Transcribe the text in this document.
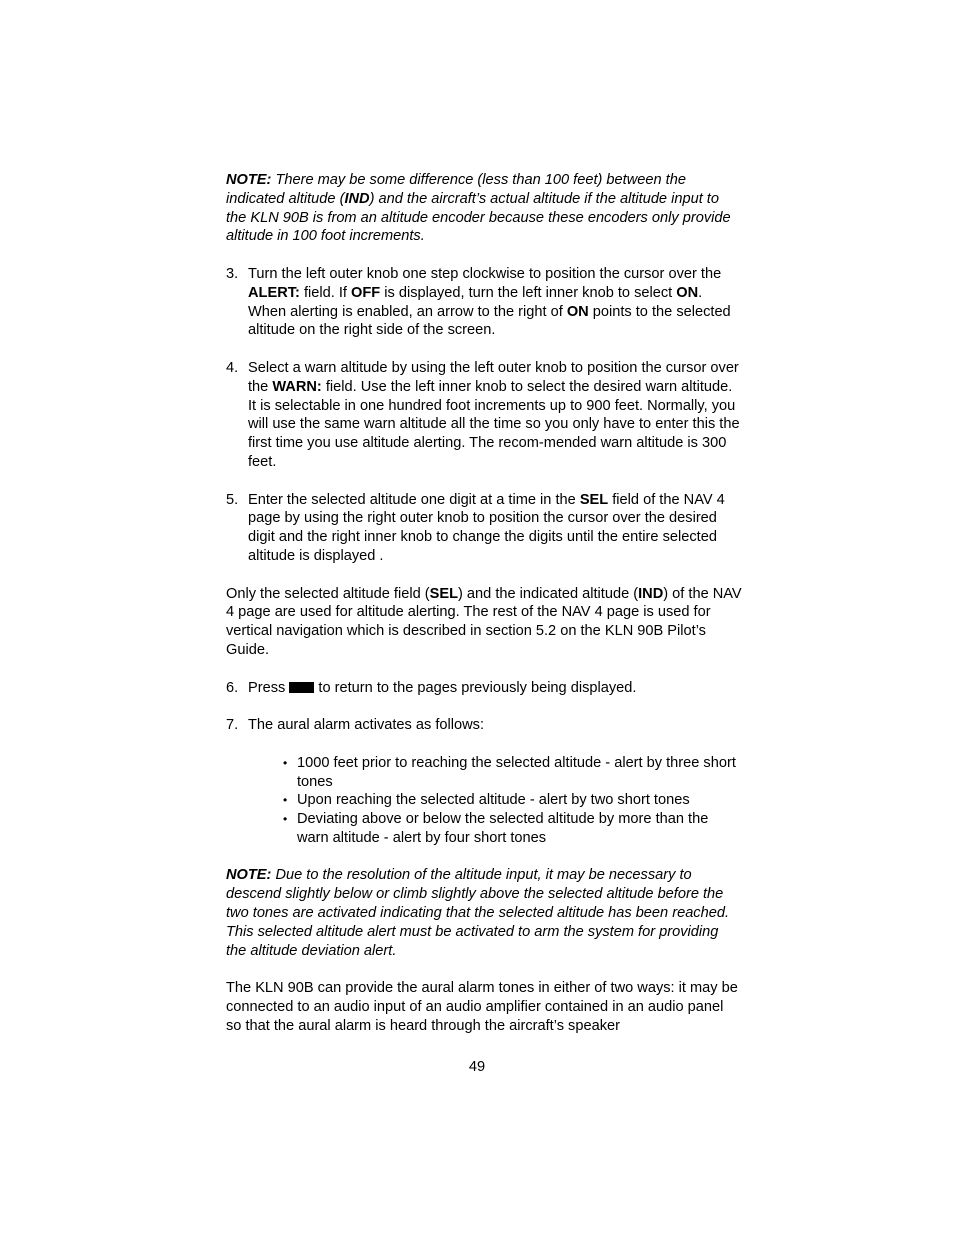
NOTE: There may be some difference (less than 100 feet) between the indicated altitude (IND) and the aircraft’s actual altitude if the altitude input to the KLN 90B is from an altitude encoder because these encoders only provide altitude in 100 foot increments.

3. Turn the left outer knob one step clockwise to position the cursor over the ALERT: field. If OFF is displayed, turn the left inner knob to select ON. When alerting is enabled, an arrow to the right of ON points to the selected altitude on the right side of the screen.

4. Select a warn altitude by using the left outer knob to position the cursor over the WARN: field. Use the left inner knob to select the desired warn altitude. It is selectable in one hundred foot increments up to 900 feet. Normally, you will use the same warn altitude all the time so you only have to enter this the first time you use altitude alerting. The recom-mended warn altitude is 300 feet.

5. Enter the selected altitude one digit at a time in the SEL field of the NAV 4 page by using the right outer knob to position the cursor over the desired digit and the right inner knob to change the digits until the entire selected altitude is displayed .

Only the selected altitude field (SEL) and the indicated altitude (IND) of the NAV 4 page are used for altitude alerting. The rest of the NAV 4 page is used for vertical navigation which is described in section 5.2 on the KLN 90B Pilot’s Guide.

6. Press  to return to the pages previously being displayed.

7. The aural alarm activates as follows:

• 1000 feet prior to reaching the selected altitude - alert by three short tones
• Upon reaching the selected altitude - alert by two short tones
• Deviating above or below the selected altitude by more than the warn altitude - alert by four short tones

NOTE: Due to the resolution of the altitude input, it may be necessary to descend slightly below or climb slightly above the selected altitude before the two tones are activated indicating that the selected altitude has been reached. This selected altitude alert must be activated to arm the system for providing the altitude deviation alert.

The KLN 90B can provide the aural alarm tones in either of two ways: it may be connected to an audio input of an audio amplifier contained in an audio panel so that the aural alarm is heard through the aircraft’s speaker

49
